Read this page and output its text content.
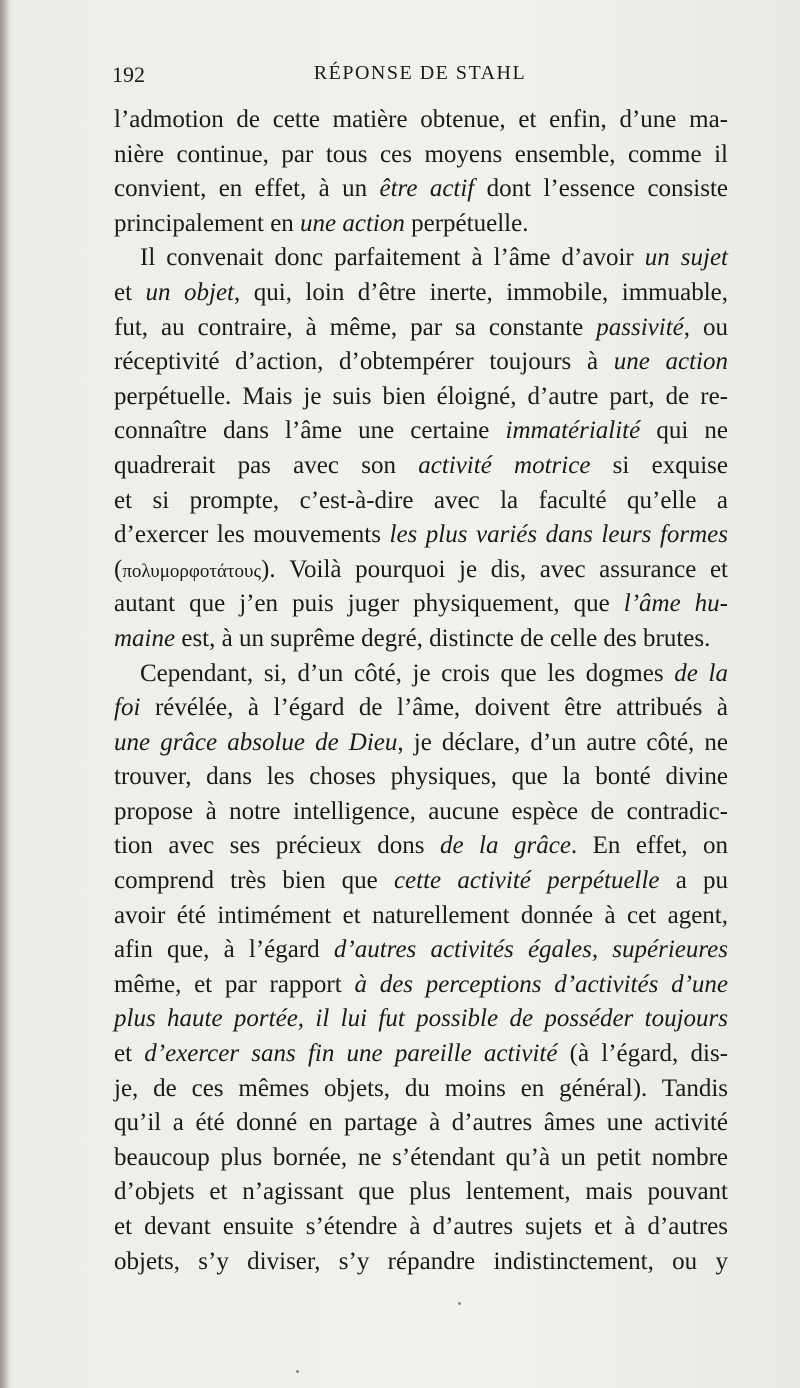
192	RÉPONSE DE STAHL
l’admotion de cette matière obtenue, et enfin, d’une ma-
nière continue, par tous ces moyens ensemble, comme il
convient, en effet, à un être actif dont l’essence consiste
principalement en une action perpétuelle.
Il convenait donc parfaitement à l’âme d’avoir un sujet
et un objet, qui, loin d’être inerte, immobile, immuable,
fut, au contraire, à même, par sa constante passivité, ou
réceptivité d’action, d’obtempérer toujours à une action
perpétuelle. Mais je suis bien éloigné, d’autre part, de re-
connaître dans l’âme une certaine immatérialité qui ne
quadrerait pas avec son activité motrice si exquise
et si prompte, c’est-à-dire avec la faculté qu’elle a
d’exercer les mouvements les plus variés dans leurs formes
(πολυμορφοτάτους). Voilà pourquoi je dis, avec assurance et
autant que j’en puis juger physiquement, que l’âme hu-
maine est, à un suprême degré, distincte de celle des brutes.
Cependant, si, d’un côté, je crois que les dogmes de la
foi révélée, à l’égard de l’âme, doivent être attribués à
une grâce absolue de Dieu, je déclare, d’un autre côté, ne
trouver, dans les choses physiques, que la bonté divine
propose à notre intelligence, aucune espèce de contradic-
tion avec ses précieux dons de la grâce. En effet, on
comprend très bien que cette activité perpétuelle a pu
avoir été intimément et naturellement donnée à cet agent,
afin que, à l’égard d’autres activités égales, supérieures
même, et par rapport à des perceptions d’activités d’une
plus haute portée, il lui fut possible de posséder toujours
et d’exercer sans fin une pareille activité (à l’égard, dis-
je, de ces mêmes objets, du moins en général). Tandis
qu’il a été donné en partage à d’autres âmes une activité
beaucoup plus bornée, ne s’étendant qu’à un petit nombre
d’objets et n’agissant que plus lentement, mais pouvant
et devant ensuite s’étendre à d’autres sujets et à d’autres
objets, s’y diviser, s’y répandre indistinctement, ou y
